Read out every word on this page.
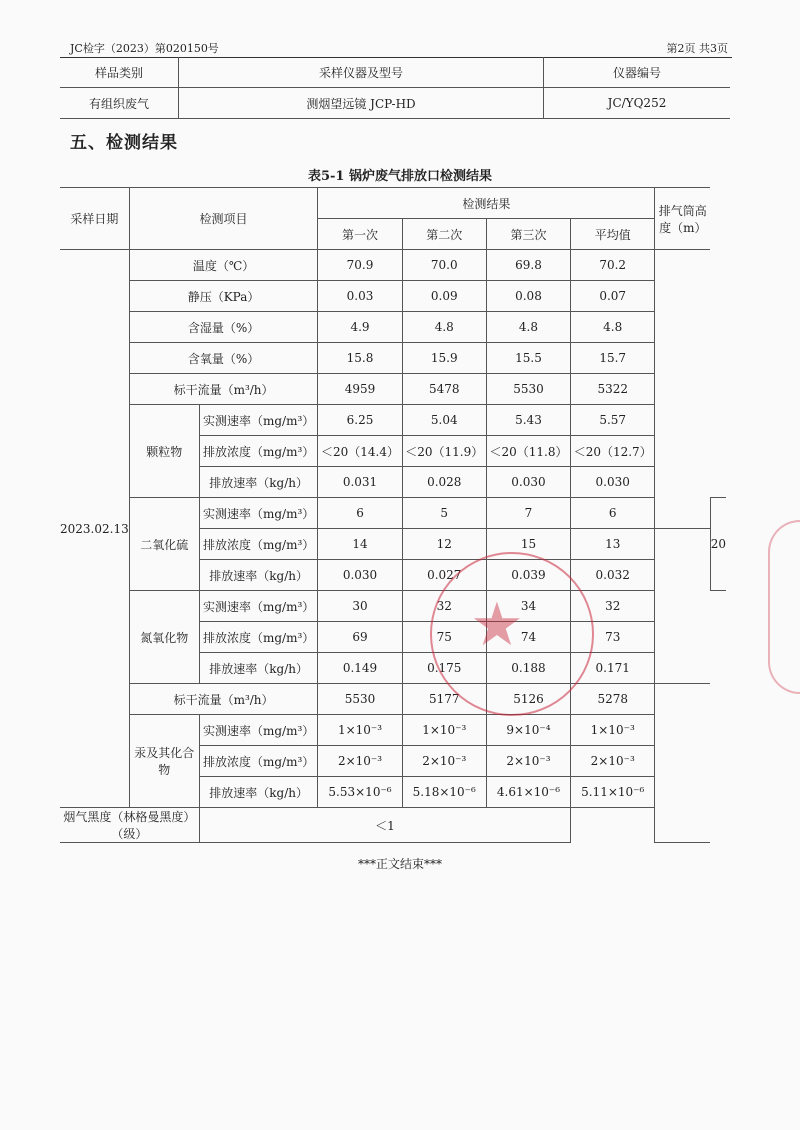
JC检字（2023）第020150号	第2页 共3页
样品类别	采样仪器及型号	仪器编号
有组织废气	测烟望远镜 JCP-HD	JC/YQ252
五、检测结果
表5-1 锅炉废气排放口检测结果
采样日期	检测项目		检测结果				排气筒高度（m）	
			第一次	第二次	第三次	平均值		
2023.02.13	温度（℃）		70.9	70.0	69.8	70.2		
	静压（KPa）		0.03	0.09	0.08	0.07		
	含湿量（%）		4.9	4.8	4.8	4.8		
	含氧量（%）		15.8	15.9	15.5	15.7		
	标干流量（m³/h）		4959	5478	5530	5322		
	颗粒物	实测速率（mg/m³）	6.25	5.04	5.43	5.57		
		排放浓度（mg/m³）	＜20（14.4）	＜20（11.9）	＜20（11.8）	＜20（12.7）		
		排放速率（kg/h）	0.031	0.028	0.030	0.030		
	二氧化硫	实测速率（mg/m³）	6	5	7	6		20
		排放浓度（mg/m³）	14	12	15	13		
		排放速率（kg/h）	0.030	0.027	0.039	0.032		
	氮氧化物	实测速率（mg/m³）	30	32	34	32		
		排放浓度（mg/m³）	69	75	74	73		
		排放速率（kg/h）	0.149	0.175	0.188	0.171		
	标干流量（m³/h）		5530	5177	5126	5278		
	汞及其化合物	实测速率（mg/m³）	1×10⁻³	1×10⁻³	9×10⁻⁴	1×10⁻³		
		排放浓度（mg/m³）	2×10⁻³	2×10⁻³	2×10⁻³	2×10⁻³		
		排放速率（kg/h）	5.53×10⁻⁶	5.18×10⁻⁶	4.61×10⁻⁶	5.11×10⁻⁶		
烟气黑度（林格曼黑度）（级）		＜1						
★
***正文结束***
